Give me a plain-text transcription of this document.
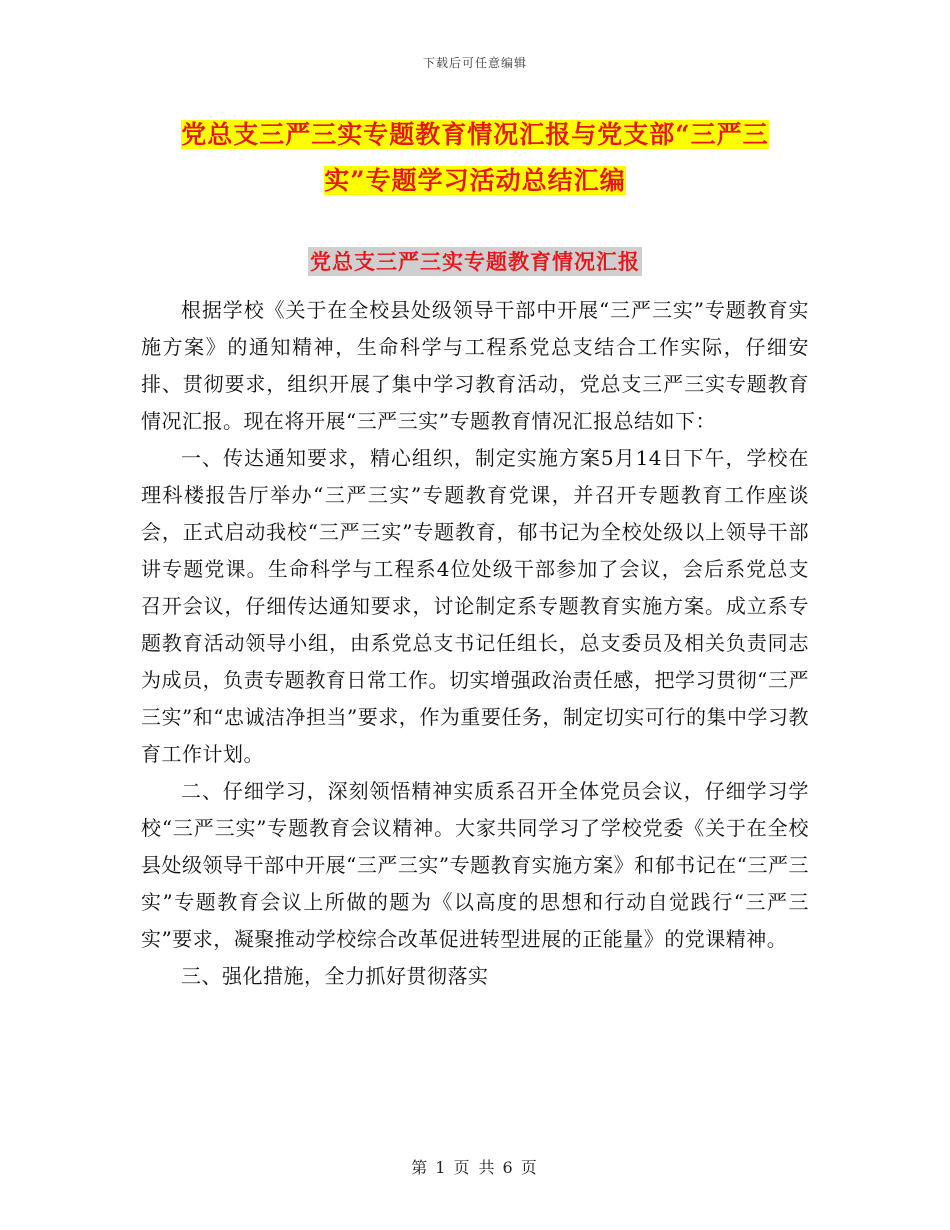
下载后可任意编辑
党总支三严三实专题教育情况汇报与党支部“三严三
实”专题学习活动总结汇编
党总支三严三实专题教育情况汇报

根据学校《关于在全校县处级领导干部中开展“三严三实”专题教育实施方案》的通知精神，生命科学与工程系党总支结合工作实际，仔细安排、贯彻要求，组织开展了集中学习教育活动，党总支三严三实专题教育情况汇报。现在将开展“三严三实”专题教育情况汇报总结如下：

一、传达通知要求，精心组织，制定实施方案5月14日下午，学校在理科楼报告厅举办“三严三实”专题教育党课，并召开专题教育工作座谈会，正式启动我校“三严三实”专题教育，郁书记为全校处级以上领导干部讲专题党课。生命科学与工程系4位处级干部参加了会议，会后系党总支召开会议，仔细传达通知要求，讨论制定系专题教育实施方案。成立系专题教育活动领导小组，由系党总支书记任组长，总支委员及相关负责同志为成员，负责专题教育日常工作。切实增强政治责任感，把学习贯彻“三严三实”和“忠诚洁净担当”要求，作为重要任务，制定切实可行的集中学习教育工作计划。

二、仔细学习，深刻领悟精神实质系召开全体党员会议，仔细学习学校“三严三实”专题教育会议精神。大家共同学习了学校党委《关于在全校县处级领导干部中开展“三严三实”专题教育实施方案》和郁书记在“三严三实”专题教育会议上所做的题为《以高度的思想和行动自觉践行“三严三实”要求，凝聚推动学校综合改革促进转型进展的正能量》的党课精神。

三、强化措施，全力抓好贯彻落实

第 1 页 共 6 页
